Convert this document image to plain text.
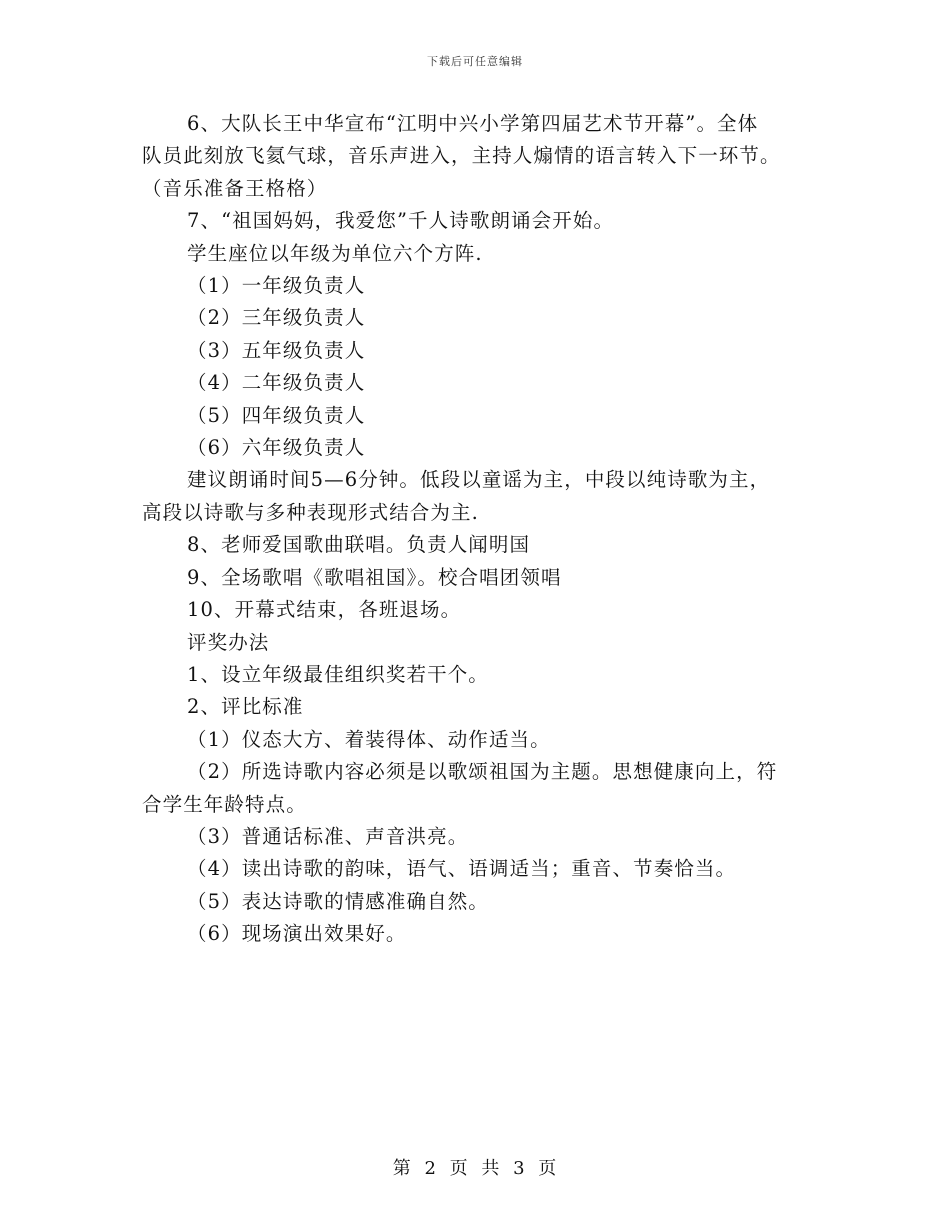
下载后可任意编辑

6、大队长王中华宣布“江明中兴小学第四届艺术节开幕”。全体

队员此刻放飞氦气球，音乐声进入，主持人煽情的语言转入下一环节。

（音乐准备王格格）

7、“祖国妈妈，我爱您”千人诗歌朗诵会开始。

学生座位以年级为单位六个方阵.

（1）一年级负责人

（2）三年级负责人

（3）五年级负责人

（4）二年级负责人

（5）四年级负责人

（6）六年级负责人

建议朗诵时间5—6分钟。低段以童谣为主，中段以纯诗歌为主，

高段以诗歌与多种表现形式结合为主.

8、老师爱国歌曲联唱。负责人闻明国

9、全场歌唱《歌唱祖国》。校合唱团领唱

10、开幕式结束，各班退场。

评奖办法

1、设立年级最佳组织奖若干个。

2、评比标准

（1）仪态大方、着装得体、动作适当。

（2）所选诗歌内容必须是以歌颂祖国为主题。思想健康向上，符

合学生年龄特点。

（3）普通话标准、声音洪亮。

（4）读出诗歌的韵味，语气、语调适当；重音、节奏恰当。

（5）表达诗歌的情感准确自然。

（6）现场演出效果好。

第 2 页 共 3 页
